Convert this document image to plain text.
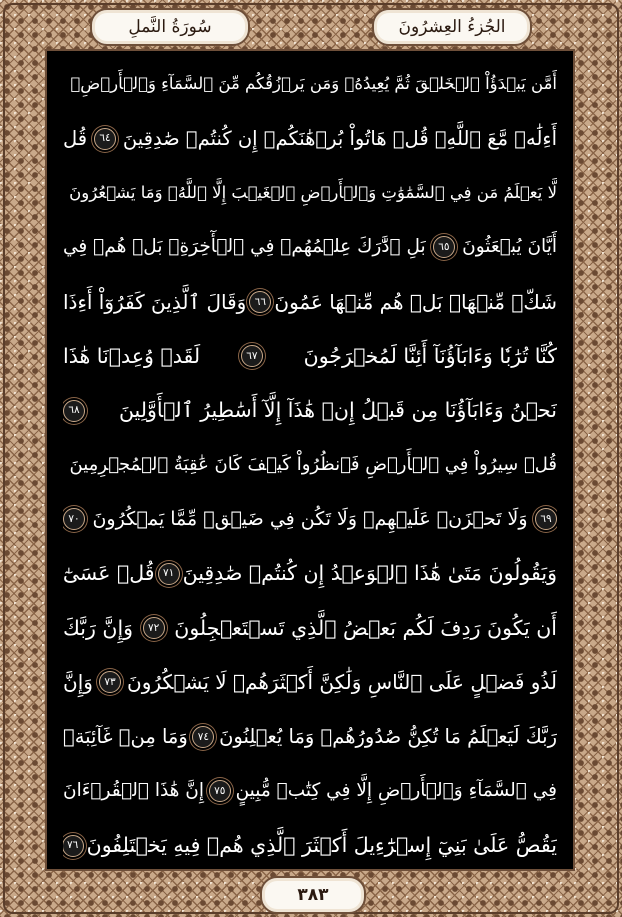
سُورَةُ النَّملِ	الجُزءُ العِشرُونَ
أَمَّن يَبۡدَؤُاْ ٱلۡخَلۡقَ ثُمَّ يُعِيدُهُۥ وَمَن يَرۡزُقُكُم مِّنَ ٱلسَّمَآءِ وَٱلۡأَرۡضِۗ
أَءِلَٰهٞ مَّعَ ٱللَّهِۚ قُلۡ هَاتُواْ بُرۡهَٰنَكُمۡ إِن كُنتُمۡ صَٰدِقِينَ
٦٤
قُل
لَّا يَعۡلَمُ مَن فِي ٱلسَّمَٰوَٰتِ وَٱلۡأَرۡضِ ٱلۡغَيۡبَ إِلَّا ٱللَّهُۚ وَمَا يَشۡعُرُونَ
أَيَّانَ يُبۡعَثُونَ
٦٥
بَلِ ٱدَّٰرَكَ عِلۡمُهُمۡ فِي ٱلۡأٓخِرَةِۚ بَلۡ هُمۡ فِي
شَكّٖ مِّنۡهَاۖ بَلۡ هُم مِّنۡهَا عَمُونَ
٦٦
وَقَالَ ٱلَّذِينَ كَفَرُوٓاْ أَءِذَا
كُنَّا تُرَٰبٗا وَءَابَآؤُنَآ أَئِنَّا لَمُخۡرَجُونَ
٦٧
لَقَدۡ وُعِدۡنَا هَٰذَا
نَحۡنُ وَءَابَآؤُنَا مِن قَبۡلُ إِنۡ هَٰذَآ إِلَّآ أَسَٰطِيرُ ٱلۡأَوَّلِينَ
٦٨
قُلۡ سِيرُواْ فِي ٱلۡأَرۡضِ فَٱنظُرُواْ كَيۡفَ كَانَ عَٰقِبَةُ ٱلۡمُجۡرِمِينَ
٦٩
وَلَا تَحۡزَنۡ عَلَيۡهِمۡ وَلَا تَكُن فِي ضَيۡقٖ مِّمَّا يَمۡكُرُونَ
٧٠
وَيَقُولُونَ مَتَىٰ هَٰذَا ٱلۡوَعۡدُ إِن كُنتُمۡ صَٰدِقِينَ
٧١
قُلۡ عَسَىٰٓ
أَن يَكُونَ رَدِفَ لَكُم بَعۡضُ ٱلَّذِي تَسۡتَعۡجِلُونَ
٧٢
وَإِنَّ رَبَّكَ
لَذُو فَضۡلٍ عَلَى ٱلنَّاسِ وَلَٰكِنَّ أَكۡثَرَهُمۡ لَا يَشۡكُرُونَ
٧٣
وَإِنَّ
رَبَّكَ لَيَعۡلَمُ مَا تُكِنُّ صُدُورُهُمۡ وَمَا يُعۡلِنُونَ
٧٤
وَمَا مِنۡ غَآئِبَةٖ
فِي ٱلسَّمَآءِ وَٱلۡأَرۡضِ إِلَّا فِي كِتَٰبٖ مُّبِينٍ
٧٥
إِنَّ هَٰذَا ٱلۡقُرۡءَانَ
يَقُصُّ عَلَىٰ بَنِيٓ إِسۡرَٰٓءِيلَ أَكۡثَرَ ٱلَّذِي هُمۡ فِيهِ يَخۡتَلِفُونَ
٧٦
٣٨٣
